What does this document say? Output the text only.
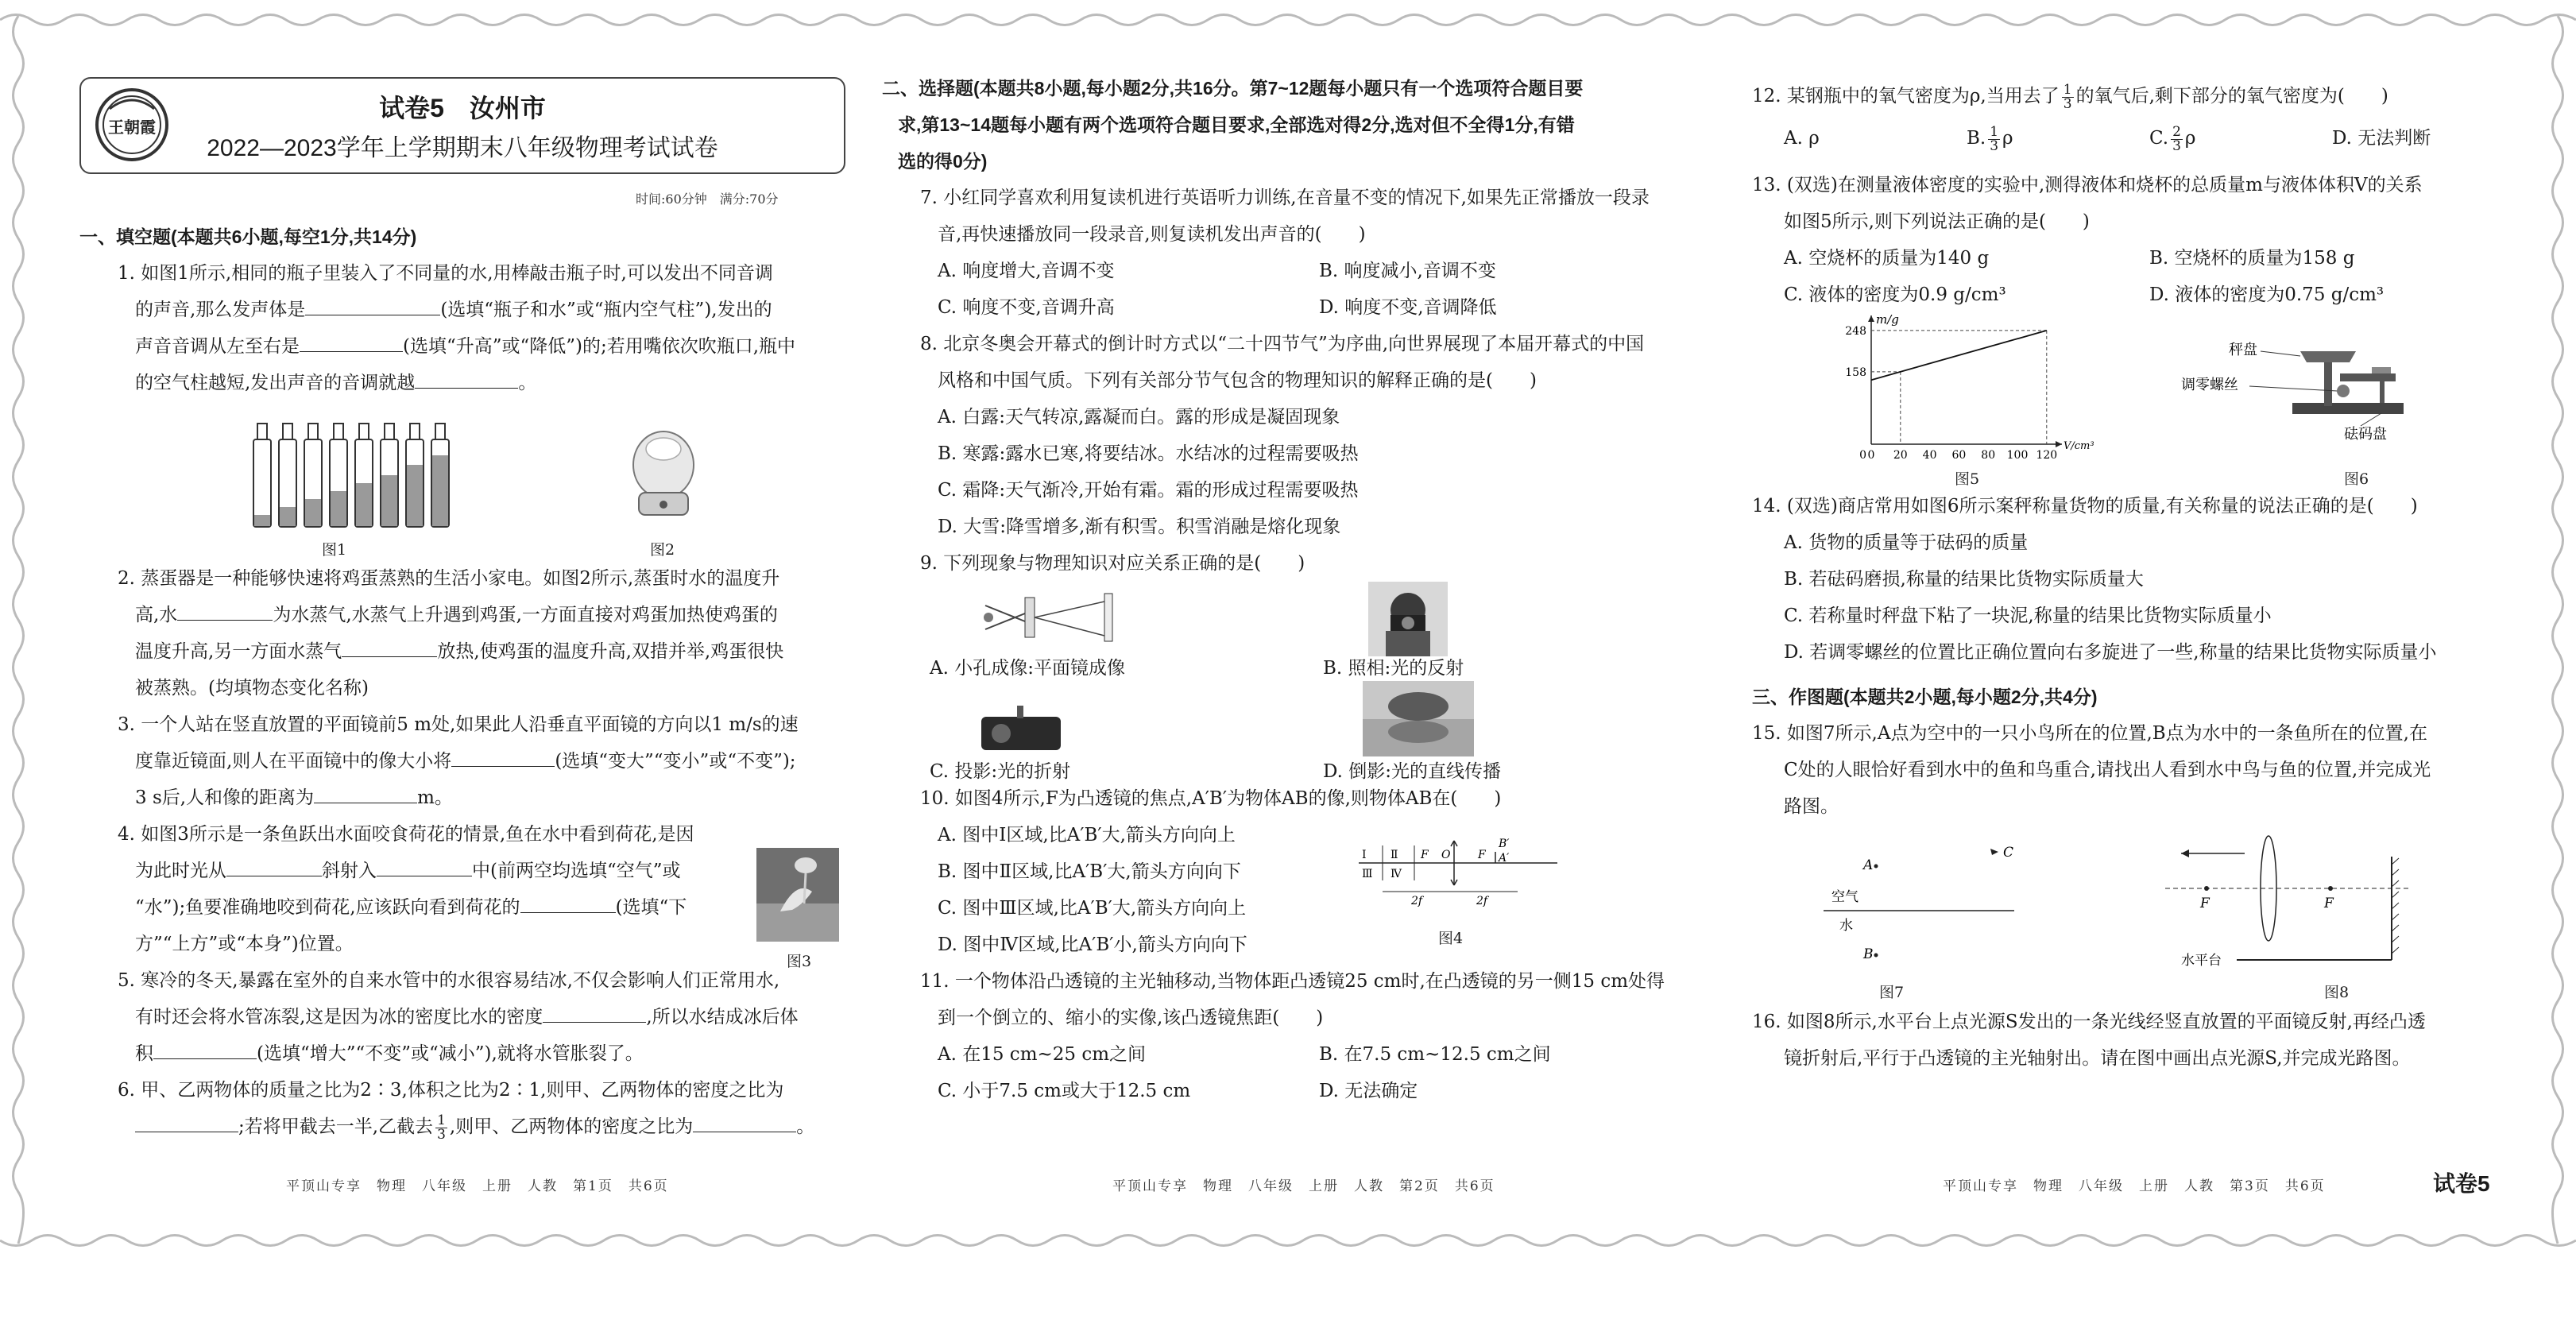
王朝霞
试卷5　汝州市
2022—2023学年上学期期末八年级物理考试试卷
时间:60分钟　满分:70分

一、填空题(本题共6小题,每空1分,共14分)

1. 如图1所示,相同的瓶子里装入了不同量的水,用棒敲击瓶子时,可以发出不同音调

的声音,那么发声体是	(选填“瓶子和水”或“瓶内空气柱”),发出的

声音音调从左至右是	(选填“升高”或“降低”)的;若用嘴依次吹瓶口,瓶中

的空气柱越短,发出声音的音调就越	。

图1	图2

2. 蒸蛋器是一种能够快速将鸡蛋蒸熟的生活小家电。如图2所示,蒸蛋时水的温度升

高,水	为水蒸气,水蒸气上升遇到鸡蛋,一方面直接对鸡蛋加热使鸡蛋的

温度升高,另一方面水蒸气	放热,使鸡蛋的温度升高,双措并举,鸡蛋很快

被蒸熟。(均填物态变化名称)

3. 一个人站在竖直放置的平面镜前5 m处,如果此人沿垂直平面镜的方向以1 m/s的速

度靠近镜面,则人在平面镜中的像大小将	(选填“变大”“变小”或“不变”);

3 s后,人和像的距离为	m。

4. 如图3所示是一条鱼跃出水面咬食荷花的情景,鱼在水中看到荷花,是因

为此时光从	斜射入	中(前两空均选填“空气”或

“水”);鱼要准确地咬到荷花,应该跃向看到荷花的	(选填“下

方”“上方”或“本身”)位置。

图3

5. 寒冷的冬天,暴露在室外的自来水管中的水很容易结冰,不仅会影响人们正常用水,

有时还会将水管冻裂,这是因为冰的密度比水的密度	,所以水结成冰后体

积	(选填“增大”“不变”或“减小”),就将水管胀裂了。

6. 甲、乙两物体的质量之比为2∶3,体积之比为2∶1,则甲、乙两物体的密度之比为

;若将甲截去一半,乙截去 $\frac{1}{3}$ ,则甲、乙两物体的密度之比为	。

二、选择题(本题共8小题,每小题2分,共16分。第7~12题每小题只有一个选项符合题目要

求,第13~14题每小题有两个选项符合题目要求,全部选对得2分,选对但不全得1分,有错

选的得0分)

7. 小红同学喜欢利用复读机进行英语听力训练,在音量不变的情况下,如果先正常播放一段录

音,再快速播放同一段录音,则复读机发出声音的(　　)

A. 响度增大,音调不变	B. 响度减小,音调不变
C. 响度不变,音调升高	D. 响度不变,音调降低

8. 北京冬奥会开幕式的倒计时方式以“二十四节气”为序曲,向世界展现了本届开幕式的中国

风格和中国气质。下列有关部分节气包含的物理知识的解释正确的是(　　)

A. 白露:天气转凉,露凝而白。露的形成是凝固现象

B. 寒露:露水已寒,将要结冰。水结冰的过程需要吸热

C. 霜降:天气渐冷,开始有霜。霜的形成过程需要吸热

D. 大雪:降雪增多,渐有积雪。积雪消融是熔化现象

9. 下列现象与物理知识对应关系正确的是(　　)

A. 小孔成像:平面镜成像	B. 照相:光的反射
C. 投影:光的折射	D. 倒影:光的直线传播

10. 如图4所示,F为凸透镜的焦点,A′B′为物体AB的像,则物体AB在(　　)

A. 图中Ⅰ区域,比A′B′大,箭头方向向上

B. 图中Ⅱ区域,比A′B′大,箭头方向向下

C. 图中Ⅲ区域,比A′B′大,箭头方向向上

D. 图中Ⅳ区域,比A′B′小,箭头方向向下

Ⅰ
Ⅲ
Ⅱ
Ⅳ
F O F
B′
A′
2f	2f
图4

11. 一个物体沿凸透镜的主光轴移动,当物体距凸透镜25 cm时,在凸透镜的另一侧15 cm处得

到一个倒立的、缩小的实像,该凸透镜焦距(　　)

A. 在15 cm~25 cm之间	B. 在7.5 cm~12.5 cm之间
C. 小于7.5 cm或大于12.5 cm	D. 无法确定

12. 某钢瓶中的氧气密度为ρ,当用去了 $\frac{1}{3}$ 的氧气后,剩下部分的氧气密度为(　　)

A. ρ	B. $\frac{1}{3}$ ρ	C. $\frac{2}{3}$ ρ	D. 无法判断

13. (双选)在测量液体密度的实验中,测得液体和烧杯的总质量m与液体体积V的关系

如图5所示,则下列说法正确的是(　　)

A. 空烧杯的质量为140 g	B. 空烧杯的质量为158 g
C. 液体的密度为0.9 g/cm³	D. 液体的密度为0.75 g/cm³
m/g
V/cm³
0 20 40 60 80 100 120
158
248
0
图5
秤盘
调零螺丝
砝码盘
图6

14. (双选)商店常用如图6所示案秤称量货物的质量,有关称量的说法正确的是(　　)

A. 货物的质量等于砝码的质量

B. 若砝码磨损,称量的结果比货物实际质量大

C. 若称量时秤盘下粘了一块泥,称量的结果比货物实际质量小

D. 若调零螺丝的位置比正确位置向右多旋进了一些,称量的结果比货物实际质量小

三、作图题(本题共2小题,每小题2分,共4分)

15. 如图7所示,A点为空中的一只小鸟所在的位置,B点为水中的一条鱼所在的位置,在

C处的人眼恰好看到水中的鱼和鸟重合,请找出人看到水中鸟与鱼的位置,并完成光

路图。

A
B
C
空气
水
图7
F	F
水平台
图8

16. 如图8所示,水平台上点光源S发出的一条光线经竖直放置的平面镜反射,再经凸透

镜折射后,平行于凸透镜的主光轴射出。请在图中画出点光源S,并完成光路图。

平顶山专享　物理　八年级　上册　人教　第1页　共6页	平顶山专享　物理　八年级　上册　人教　第2页　共6页	平顶山专享　物理　八年级　上册　人教　第3页　共6页	试卷5
